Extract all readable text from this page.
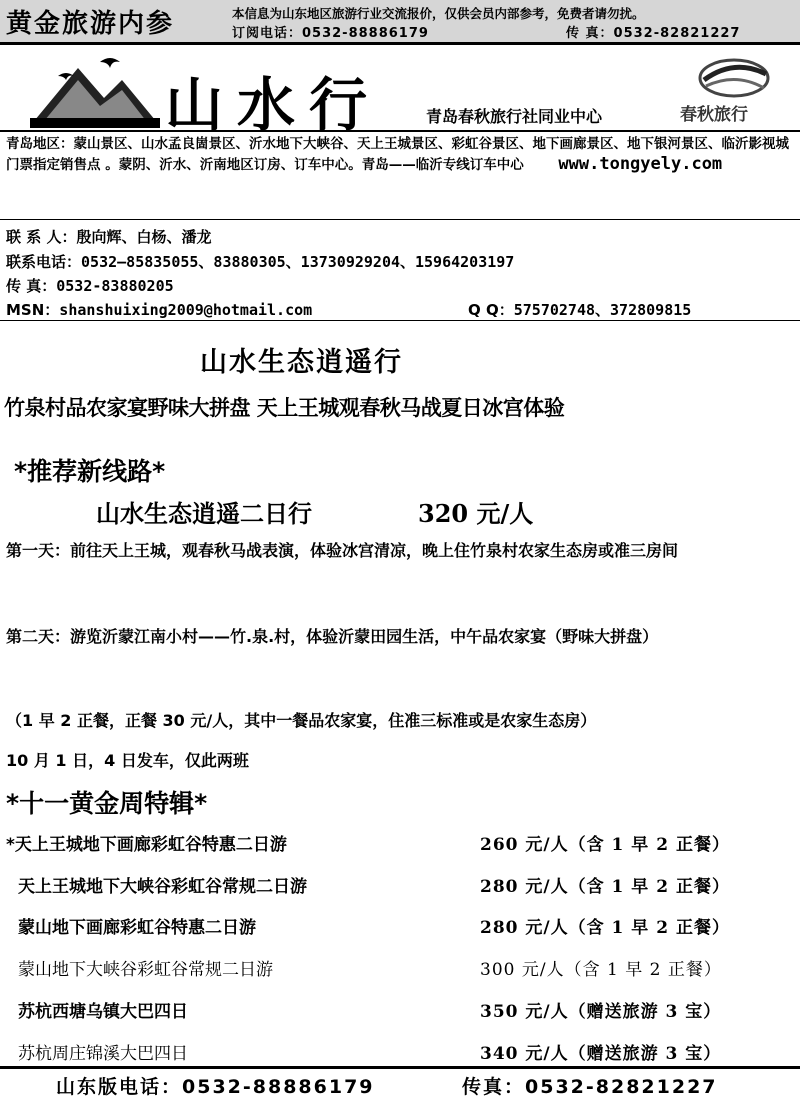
黄金旅游内参	本信息为山东地区旅游行业交流报价，仅供会员内部参考，免费者请勿扰。
订阅电话：0532-88886179	传 真：0532-82821227
山水行	青岛春秋旅行社同业中心	春秋旅行
青岛地区：蒙山景区、山水孟良崮景区、沂水地下大峡谷、天上王城景区、彩虹谷景区、地下画廊景区、地下银河景区、临沂影视城门票指定销售点 。蒙阴、沂水、沂南地区订房、订车中心。青岛——临沂专线订车中心 www.tongyely.com
联 系 人：殷向辉、白杨、潘龙
联系电话：0532—85835055、83880305、13730929204、15964203197
传 真：0532-83880205
MSN：shanshuixing2009@hotmail.com	Q Q：575702748、372809815
山水生态逍遥行
竹泉村品农家宴野味大拼盘 天上王城观春秋马战夏日冰宫体验
*推荐新线路*
山水生态逍遥二日行	320 元/人
第一天：前往天上王城，观春秋马战表演，体验冰宫清凉，晚上住竹泉村农家生态房或准三房间
第二天：游览沂蒙江南小村——竹.泉.村，体验沂蒙田园生活，中午品农家宴（野味大拼盘）
（1 早 2 正餐，正餐 30 元/人，其中一餐品农家宴，住准三标准或是农家生态房）
10 月 1 日，4 日发车，仅此两班
*十一黄金周特辑*
*天上王城地下画廊彩虹谷特惠二日游	260 元/人（含 1 早 2 正餐）
天上王城地下大峡谷彩虹谷常规二日游	280 元/人（含 1 早 2 正餐）
蒙山地下画廊彩虹谷特惠二日游	280 元/人（含 1 早 2 正餐）
蒙山地下大峡谷彩虹谷常规二日游	300 元/人（含 1 早 2 正餐）
苏杭西塘乌镇大巴四日	350 元/人（赠送旅游 3 宝）
苏杭周庄锦溪大巴四日	340 元/人（赠送旅游 3 宝）
山东版电话：0532-88886179	传真：0532-82821227
